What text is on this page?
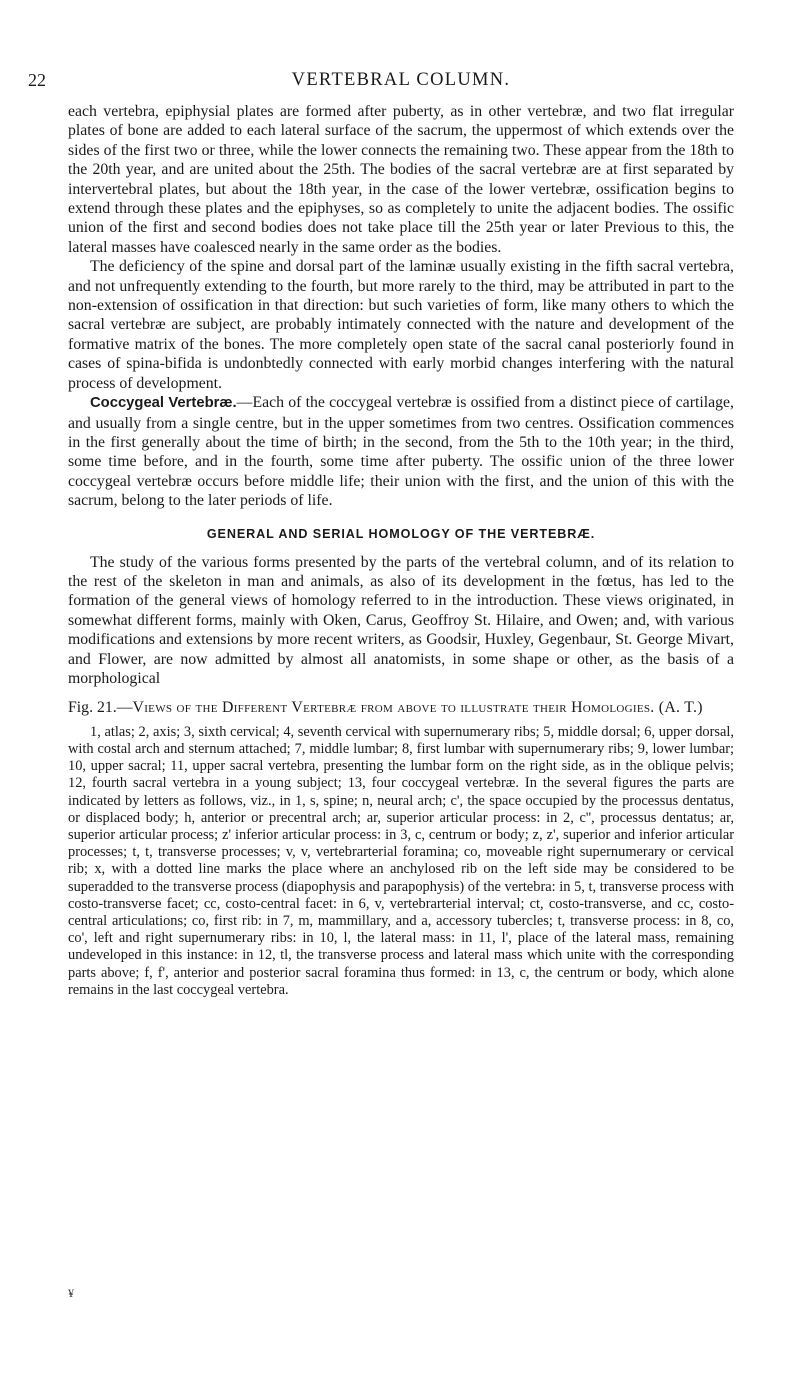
22	VERTEBRAL COLUMN.

each vertebra, epiphysial plates are formed after puberty, as in other vertebræ, and two flat irregular plates of bone are added to each lateral surface of the sacrum, the uppermost of which extends over the sides of the first two or three, while the lower connects the remaining two. These appear from the 18th to the 20th year, and are united about the 25th. The bodies of the sacral vertebræ are at first separated by intervertebral plates, but about the 18th year, in the case of the lower vertebræ, ossification begins to extend through these plates and the epiphyses, so as completely to unite the adjacent bodies. The ossific union of the first and second bodies does not take place till the 25th year or later Previous to this, the lateral masses have coalesced nearly in the same order as the bodies.

The deficiency of the spine and dorsal part of the laminæ usually existing in the fifth sacral vertebra, and not unfrequently extending to the fourth, but more rarely to the third, may be attributed in part to the non-extension of ossification in that direction: but such varieties of form, like many others to which the sacral vertebræ are subject, are probably intimately connected with the nature and development of the formative matrix of the bones. The more completely open state of the sacral canal posteriorly found in cases of spina-bifida is undonbtedly connected with early morbid changes interfering with the natural process of development.

Coccygeal Vertebræ.—Each of the coccygeal vertebræ is ossified from a distinct piece of cartilage, and usually from a single centre, but in the upper sometimes from two centres. Ossification commences in the first generally about the time of birth; in the second, from the 5th to the 10th year; in the third, some time before, and in the fourth, some time after puberty. The ossific union of the three lower coccygeal vertebræ occurs before middle life; their union with the first, and the union of this with the sacrum, belong to the later periods of life.

GENERAL AND SERIAL HOMOLOGY OF THE VERTEBRÆ.

The study of the various forms presented by the parts of the vertebral column, and of its relation to the rest of the skeleton in man and animals, as also of its development in the fœtus, has led to the formation of the general views of homology referred to in the introduction. These views originated, in somewhat different forms, mainly with Oken, Carus, Geoffroy St. Hilaire, and Owen; and, with various modifications and extensions by more recent writers, as Goodsir, Huxley, Gegenbaur, St. George Mivart, and Flower, are now admitted by almost all anatomists, in some shape or other, as the basis of a morphological

Fig. 21.—Views of the Different Vertebræ from above to illustrate their Homologies. (A. T.)
1, atlas; 2, axis; 3, sixth cervical; 4, seventh cervical with supernumerary ribs; 5, middle dorsal; 6, upper dorsal, with costal arch and sternum attached; 7, middle lumbar; 8, first lumbar with supernumerary ribs; 9, lower lumbar; 10, upper sacral; 11, upper sacral vertebra, presenting the lumbar form on the right side, as in the oblique pelvis; 12, fourth sacral vertebra in a young subject; 13, four coccygeal vertebræ. In the several figures the parts are indicated by letters as follows, viz., in 1, s, spine; n, neural arch; c', the space occupied by the processus dentatus, or displaced body; h, anterior or precentral arch; ar, superior articular process: in 2, c'', processus dentatus; ar, superior articular process; z' inferior articular process: in 3, c, centrum or body; z, z', superior and inferior articular processes; t, t, transverse processes; v, v, vertebrarterial foramina; co, moveable right supernumerary or cervical rib; x, with a dotted line marks the place where an anchylosed rib on the left side may be considered to be superadded to the transverse process (diapophysis and parapophysis) of the vertebra: in 5, t, transverse process with costo-transverse facet; cc, costo-central facet: in 6, v, vertebrarterial interval; ct, costo-transverse, and cc, costo-central articulations; co, first rib: in 7, m, mammillary, and a, accessory tubercles; t, transverse process: in 8, co, co', left and right supernumerary ribs: in 10, l, the lateral mass: in 11, l', place of the lateral mass, remaining undeveloped in this instance: in 12, tl, the transverse process and lateral mass which unite with the corresponding parts above; f, f', anterior and posterior sacral foramina thus formed: in 13, c, the centrum or body, which alone remains in the last coccygeal vertebra.
¥
